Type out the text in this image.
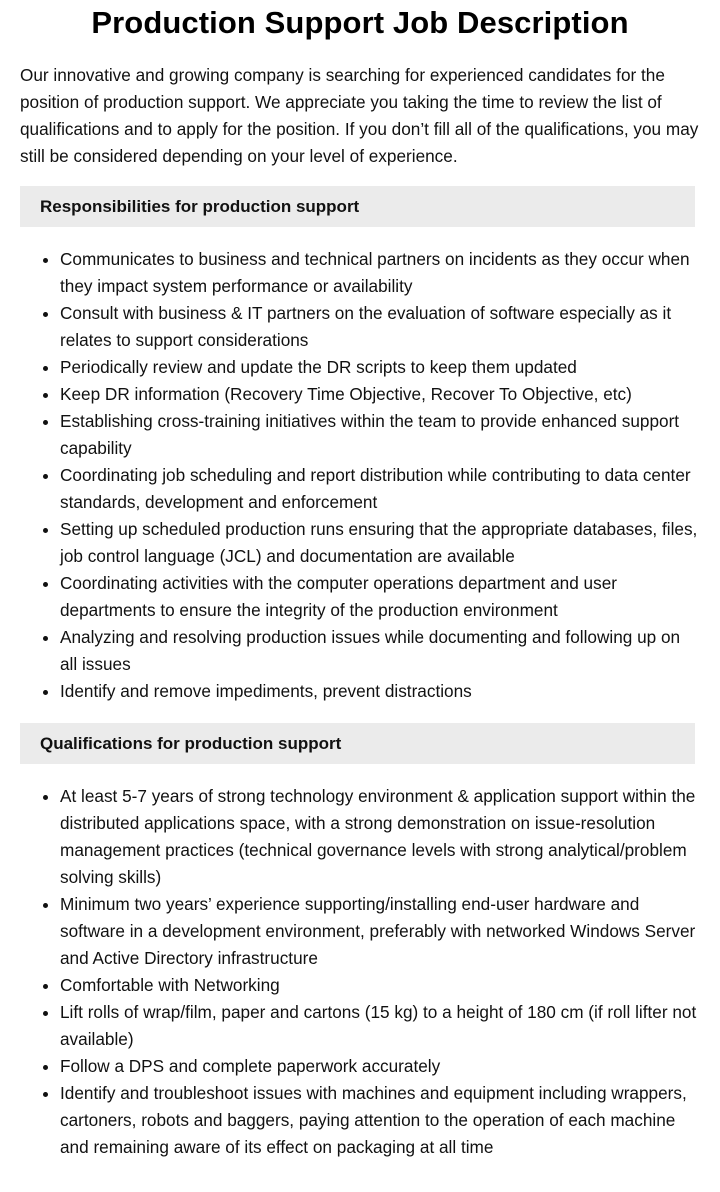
Production Support Job Description

Our innovative and growing company is searching for experienced candidates for the position of production support. We appreciate you taking the time to review the list of qualifications and to apply for the position. If you don’t fill all of the qualifications, you may still be considered depending on your level of experience.

Responsibilities for production support
Communicates to business and technical partners on incidents as they occur when they impact system performance or availability
Consult with business & IT partners on the evaluation of software especially as it relates to support considerations
Periodically review and update the DR scripts to keep them updated
Keep DR information (Recovery Time Objective, Recover To Objective, etc)
Establishing cross-training initiatives within the team to provide enhanced support capability
Coordinating job scheduling and report distribution while contributing to data center standards, development and enforcement
Setting up scheduled production runs ensuring that the appropriate databases, files, job control language (JCL) and documentation are available
Coordinating activities with the computer operations department and user departments to ensure the integrity of the production environment
Analyzing and resolving production issues while documenting and following up on all issues
Identify and remove impediments, prevent distractions
Qualifications for production support
At least 5-7 years of strong technology environment & application support within the distributed applications space, with a strong demonstration on issue-resolution management practices (technical governance levels with strong analytical/problem solving skills)
Minimum two years’ experience supporting/installing end-user hardware and software in a development environment, preferably with networked Windows Server and Active Directory infrastructure
Comfortable with Networking
Lift rolls of wrap/film, paper and cartons (15 kg) to a height of 180 cm (if roll lifter not available)
Follow a DPS and complete paperwork accurately
Identify and troubleshoot issues with machines and equipment including wrappers, cartoners, robots and baggers, paying attention to the operation of each machine and remaining aware of its effect on packaging at all time
